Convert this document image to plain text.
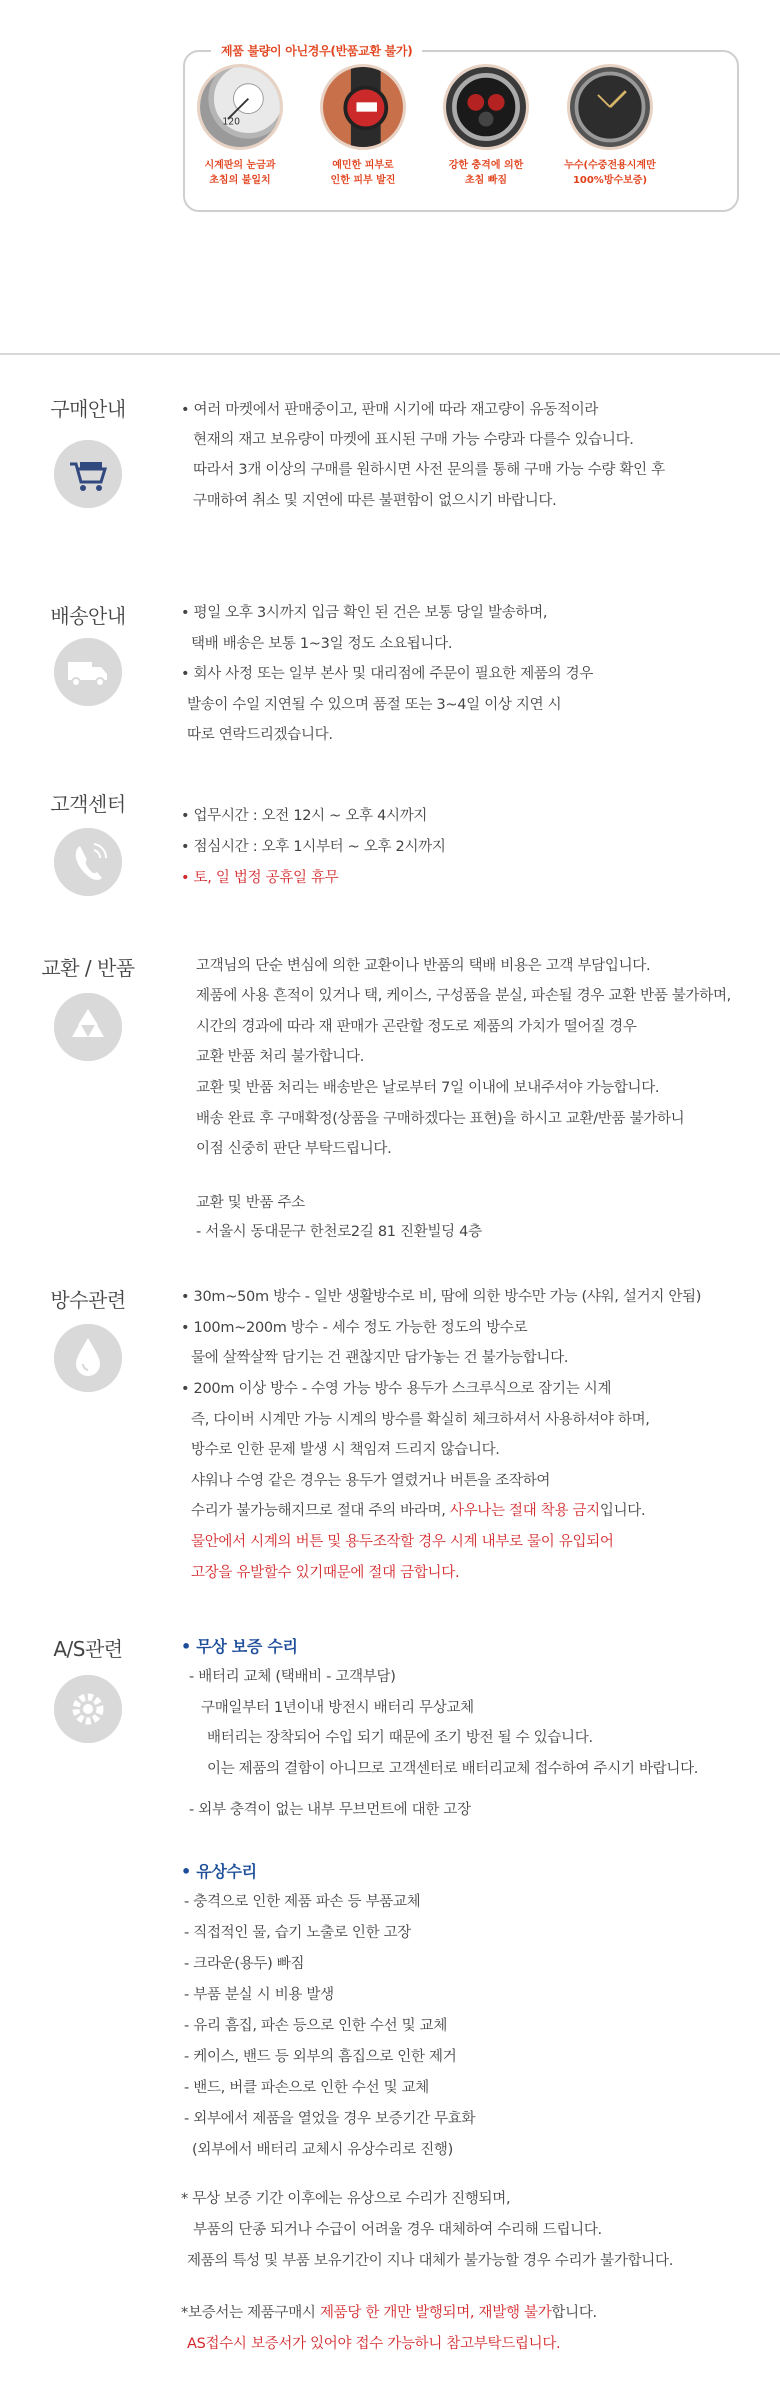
제품 불량이 아닌경우(반품교환 불가)
120
시계판의 눈금과
초침의 불일치
예민한 피부로
인한 피부 발진
강한 충격에 의한
초침 빠짐
누수(수중전용시계만
100%방수보증)
구매안내	• 여러 마켓에서 판매중이고, 판매 시기에 따라 재고량이 유동적이라
현재의 재고 보유량이 마켓에 표시된 구매 가능 수량과 다를수 있습니다.
따라서 3개 이상의 구매를 원하시면 사전 문의를 통해 구매 가능 수량 확인 후
구매하여 취소 및 지연에 따른 불편함이 없으시기 바랍니다.
배송안내	• 평일 오후 3시까지 입금 확인 된 건은 보통 당일 발송하며,
택배 배송은 보통 1~3일 정도 소요됩니다.
• 회사 사정 또는 일부 본사 및 대리점에 주문이 필요한 제품의 경우
발송이 수일 지연될 수 있으며 품절 또는 3~4일 이상 지연 시
따로 연락드리겠습니다.
고객센터	• 업무시간 : 오전 12시 ~ 오후 4시까지
• 점심시간 : 오후 1시부터 ~ 오후 2시까지
• 토, 일 법정 공휴일 휴무
교환 / 반품	고객님의 단순 변심에 의한 교환이나 반품의 택배 비용은 고객 부담입니다.
제품에 사용 흔적이 있거나 택, 케이스, 구성품을 분실, 파손될 경우 교환 반품 불가하며,
시간의 경과에 따라 재 판매가 곤란할 정도로 제품의 가치가 떨어질 경우
교환 반품 처리 불가합니다.
교환 및 반품 처리는 배송받은 날로부터 7일 이내에 보내주셔야 가능합니다.
배송 완료 후 구매확정(상품을 구매하겠다는 표현)을 하시고 교환/반품 불가하니
이점 신중히 판단 부탁드립니다.
교환 및 반품 주소
- 서울시 동대문구 한천로2길 81 진환빌딩 4층
방수관련	• 30m~50m 방수 - 일반 생활방수로 비, 땀에 의한 방수만 가능 (샤워, 설거지 안됨)
• 100m~200m 방수 - 세수 정도 가능한 정도의 방수로
물에 살짝살짝 담기는 건 괜찮지만 담가놓는 건 불가능합니다.
• 200m 이상 방수 - 수영 가능 방수 용두가 스크루식으로 잠기는 시계
즉, 다이버 시계만 가능 시계의 방수를 확실히 체크하셔서 사용하셔야 하며,
방수로 인한 문제 발생 시 책임져 드리지 않습니다.
샤워나 수영 같은 경우는 용두가 열렸거나 버튼을 조작하여
수리가 불가능해지므로 절대 주의 바라며, 사우나는 절대 착용 금지입니다.
물안에서 시계의 버튼 및 용두조작할 경우 시계 내부로 물이 유입되어
고장을 유발할수 있기때문에 절대 금합니다.
A/S관련	• 무상 보증 수리
- 배터리 교체 (택배비 - 고객부담)
구매일부터 1년이내 방전시 배터리 무상교체
배터리는 장착되어 수입 되기 때문에 조기 방전 될 수 있습니다.
이는 제품의 결함이 아니므로 고객센터로 배터리교체 접수하여 주시기 바랍니다.
- 외부 충격이 없는 내부 무브먼트에 대한 고장
• 유상수리
- 충격으로 인한 제품 파손 등 부품교체
- 직접적인 물, 습기 노출로 인한 고장
- 크라운(용두) 빠짐
- 부품 분실 시 비용 발생
- 유리 흠집, 파손 등으로 인한 수선 및 교체
- 케이스, 밴드 등 외부의 흠집으로 인한 제거
- 밴드, 버클 파손으로 인한 수선 및 교체
- 외부에서 제품을 열었을 경우 보증기간 무효화
(외부에서 배터리 교체시 유상수리로 진행)
* 무상 보증 기간 이후에는 유상으로 수리가 진행되며,
부품의 단종 되거나 수급이 어려울 경우 대체하여 수리해 드립니다.
제품의 특성 및 부품 보유기간이 지나 대체가 불가능할 경우 수리가 불가합니다.
*보증서는 제품구매시 제품당 한 개만 발행되며, 재발행 불가합니다.
AS접수시 보증서가 있어야 접수 가능하니 참고부탁드립니다.
